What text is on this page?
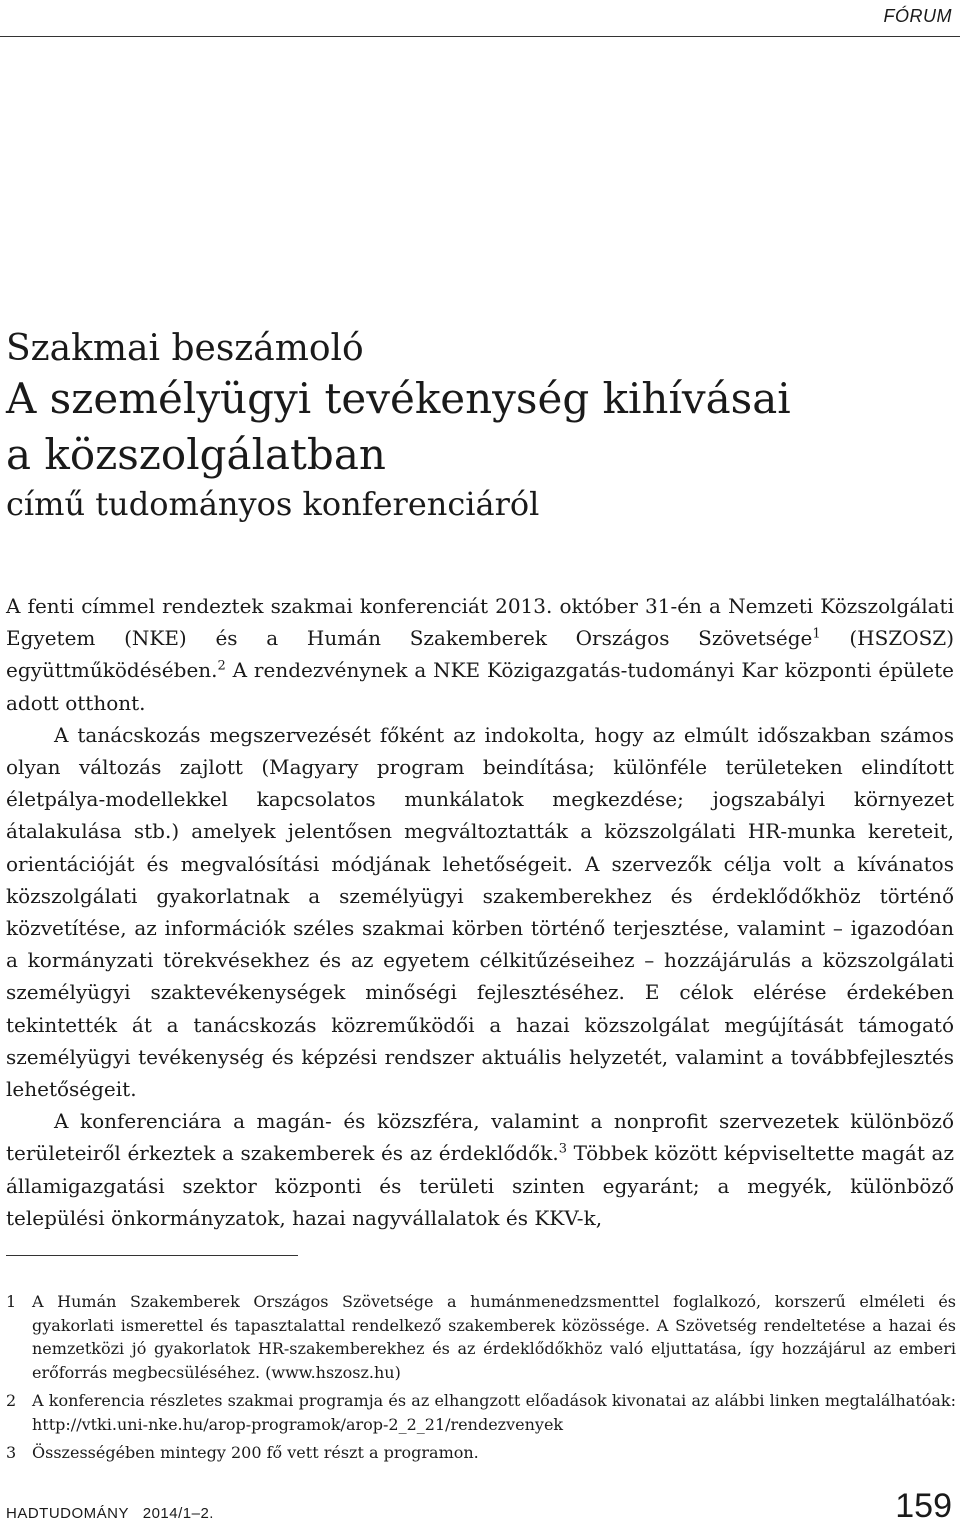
FÓRUM
Szakmai beszámoló
A személyügyi tevékenység kihívásai
a közszolgálatban
című tudományos konferenciáról

A fenti címmel rendeztek szakmai konferenciát 2013. október 31-én a Nemzeti Közszolgálati Egyetem (NKE) és a Humán Szakemberek Országos Szövetsége$^1$ (HSZOSZ) együttműködésében.$^2$ A rendezvénynek a NKE Közigazgatás-tudományi Kar központi épülete adott otthont.

A tanácskozás megszervezését főként az indokolta, hogy az elmúlt időszakban számos olyan változás zajlott (Magyary program beindítása; különféle területeken elindított életpálya-modellekkel kapcsolatos munkálatok megkezdése; jogszabályi környezet átalakulása stb.) amelyek jelentősen megváltoztatták a közszolgálati HR-munka kereteit, orientációját és megvalósítási módjának lehetőségeit. A szervezők célja volt a kívánatos közszolgálati gyakorlatnak a személyügyi szakemberekhez és érdeklődőkhöz történő közvetítése, az információk széles szakmai körben történő terjesztése, valamint – igazodóan a kormányzati törekvésekhez és az egyetem célkitűzéseihez – hozzájárulás a közszolgálati személyügyi szaktevékenységek minőségi fejlesztéséhez. E célok elérése érdekében tekintették át a tanácskozás közreműködői a hazai közszolgálat megújítását támogató személyügyi tevékenység és képzési rendszer aktuális helyzetét, valamint a továbbfejlesztés lehetőségeit.

A konferenciára a magán- és közszféra, valamint a nonprofit szervezetek különböző területeiről érkeztek a szakemberek és az érdeklődők.$^3$ Többek között képviseltette magát az államigazgatási szektor központi és területi szinten egyaránt; a megyék, különböző települési önkormányzatok, hazai nagyvállalatok és KKV-k,

1 A Humán Szakemberek Országos Szövetsége a humánmenedzsmenttel foglalkozó, korszerű elméleti és gyakorlati ismerettel és tapasztalattal rendelkező szakemberek közössége. A Szövetség rendeltetése a hazai és nemzetközi jó gyakorlatok HR-szakemberekhez és az érdeklődőkhöz való eljuttatása, így hozzájárul az emberi erőforrás megbecsüléséhez. (www.hszosz.hu)
2 A konferencia részletes szakmai programja és az elhangzott előadások kivonatai az alábbi linken megtalálhatóak: http://vtki.uni-nke.hu/arop-programok/arop-2_2_21/rendezvenyek
3 Összességében mintegy 200 fő vett részt a programon.
HADTUDOMÁNY   2014/1–2.	159
